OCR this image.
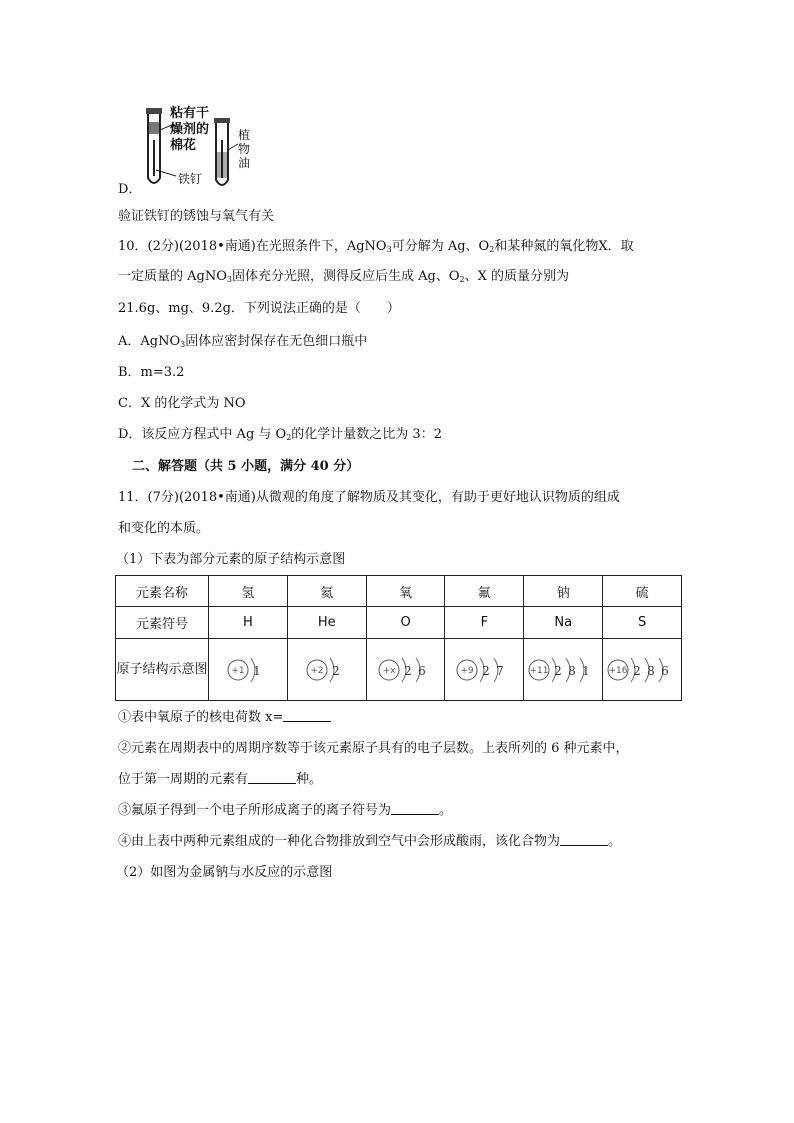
粘有干
燥剂的
棉花
铁钉
植物油
D．
验证铁钉的锈蚀与氧气有关
10．(2分)(2018•南通)在光照条件下，AgNO$_3$可分解为 Ag、$O_2$和某种氮的氧化物X．取
一定质量的 AgNO$_3$固体充分光照，测得反应后生成 Ag、$O_2$、X 的质量分别为
21.6g、mg、9.2g．下列说法正确的是（　　）
A．AgNO$_3$固体应密封保存在无色细口瓶中
B．m=3.2
C．X 的化学式为 NO
D．该反应方程式中 Ag 与 $O_2$的化学计量数之比为 3：2
二、解答题（共 5 小题，满分 40 分）
11．(7分)(2018•南通)从微观的角度了解物质及其变化，有助于更好地认识物质的组成
和变化的本质。
（1）下表为部分元素的原子结构示意图
元素名称	氢	氦	氧	氟	钠	硫
元素符号	H	He	O	F	Na	S
原子结构示意图	+1 1	+2 2	+x 2 6	+9 2 7	+11 2 8 1	+16 2 8 6
①表中氧原子的核电荷数 x=
②元素在周期表中的周期序数等于该元素原子具有的电子层数。上表所列的 6 种元素中，
位于第一周期的元素有	种。
③氟原子得到一个电子所形成离子的离子符号为	。
④由上表中两种元素组成的一种化合物排放到空气中会形成酸雨，该化合物为	。
（2）如图为金属钠与水反应的示意图
